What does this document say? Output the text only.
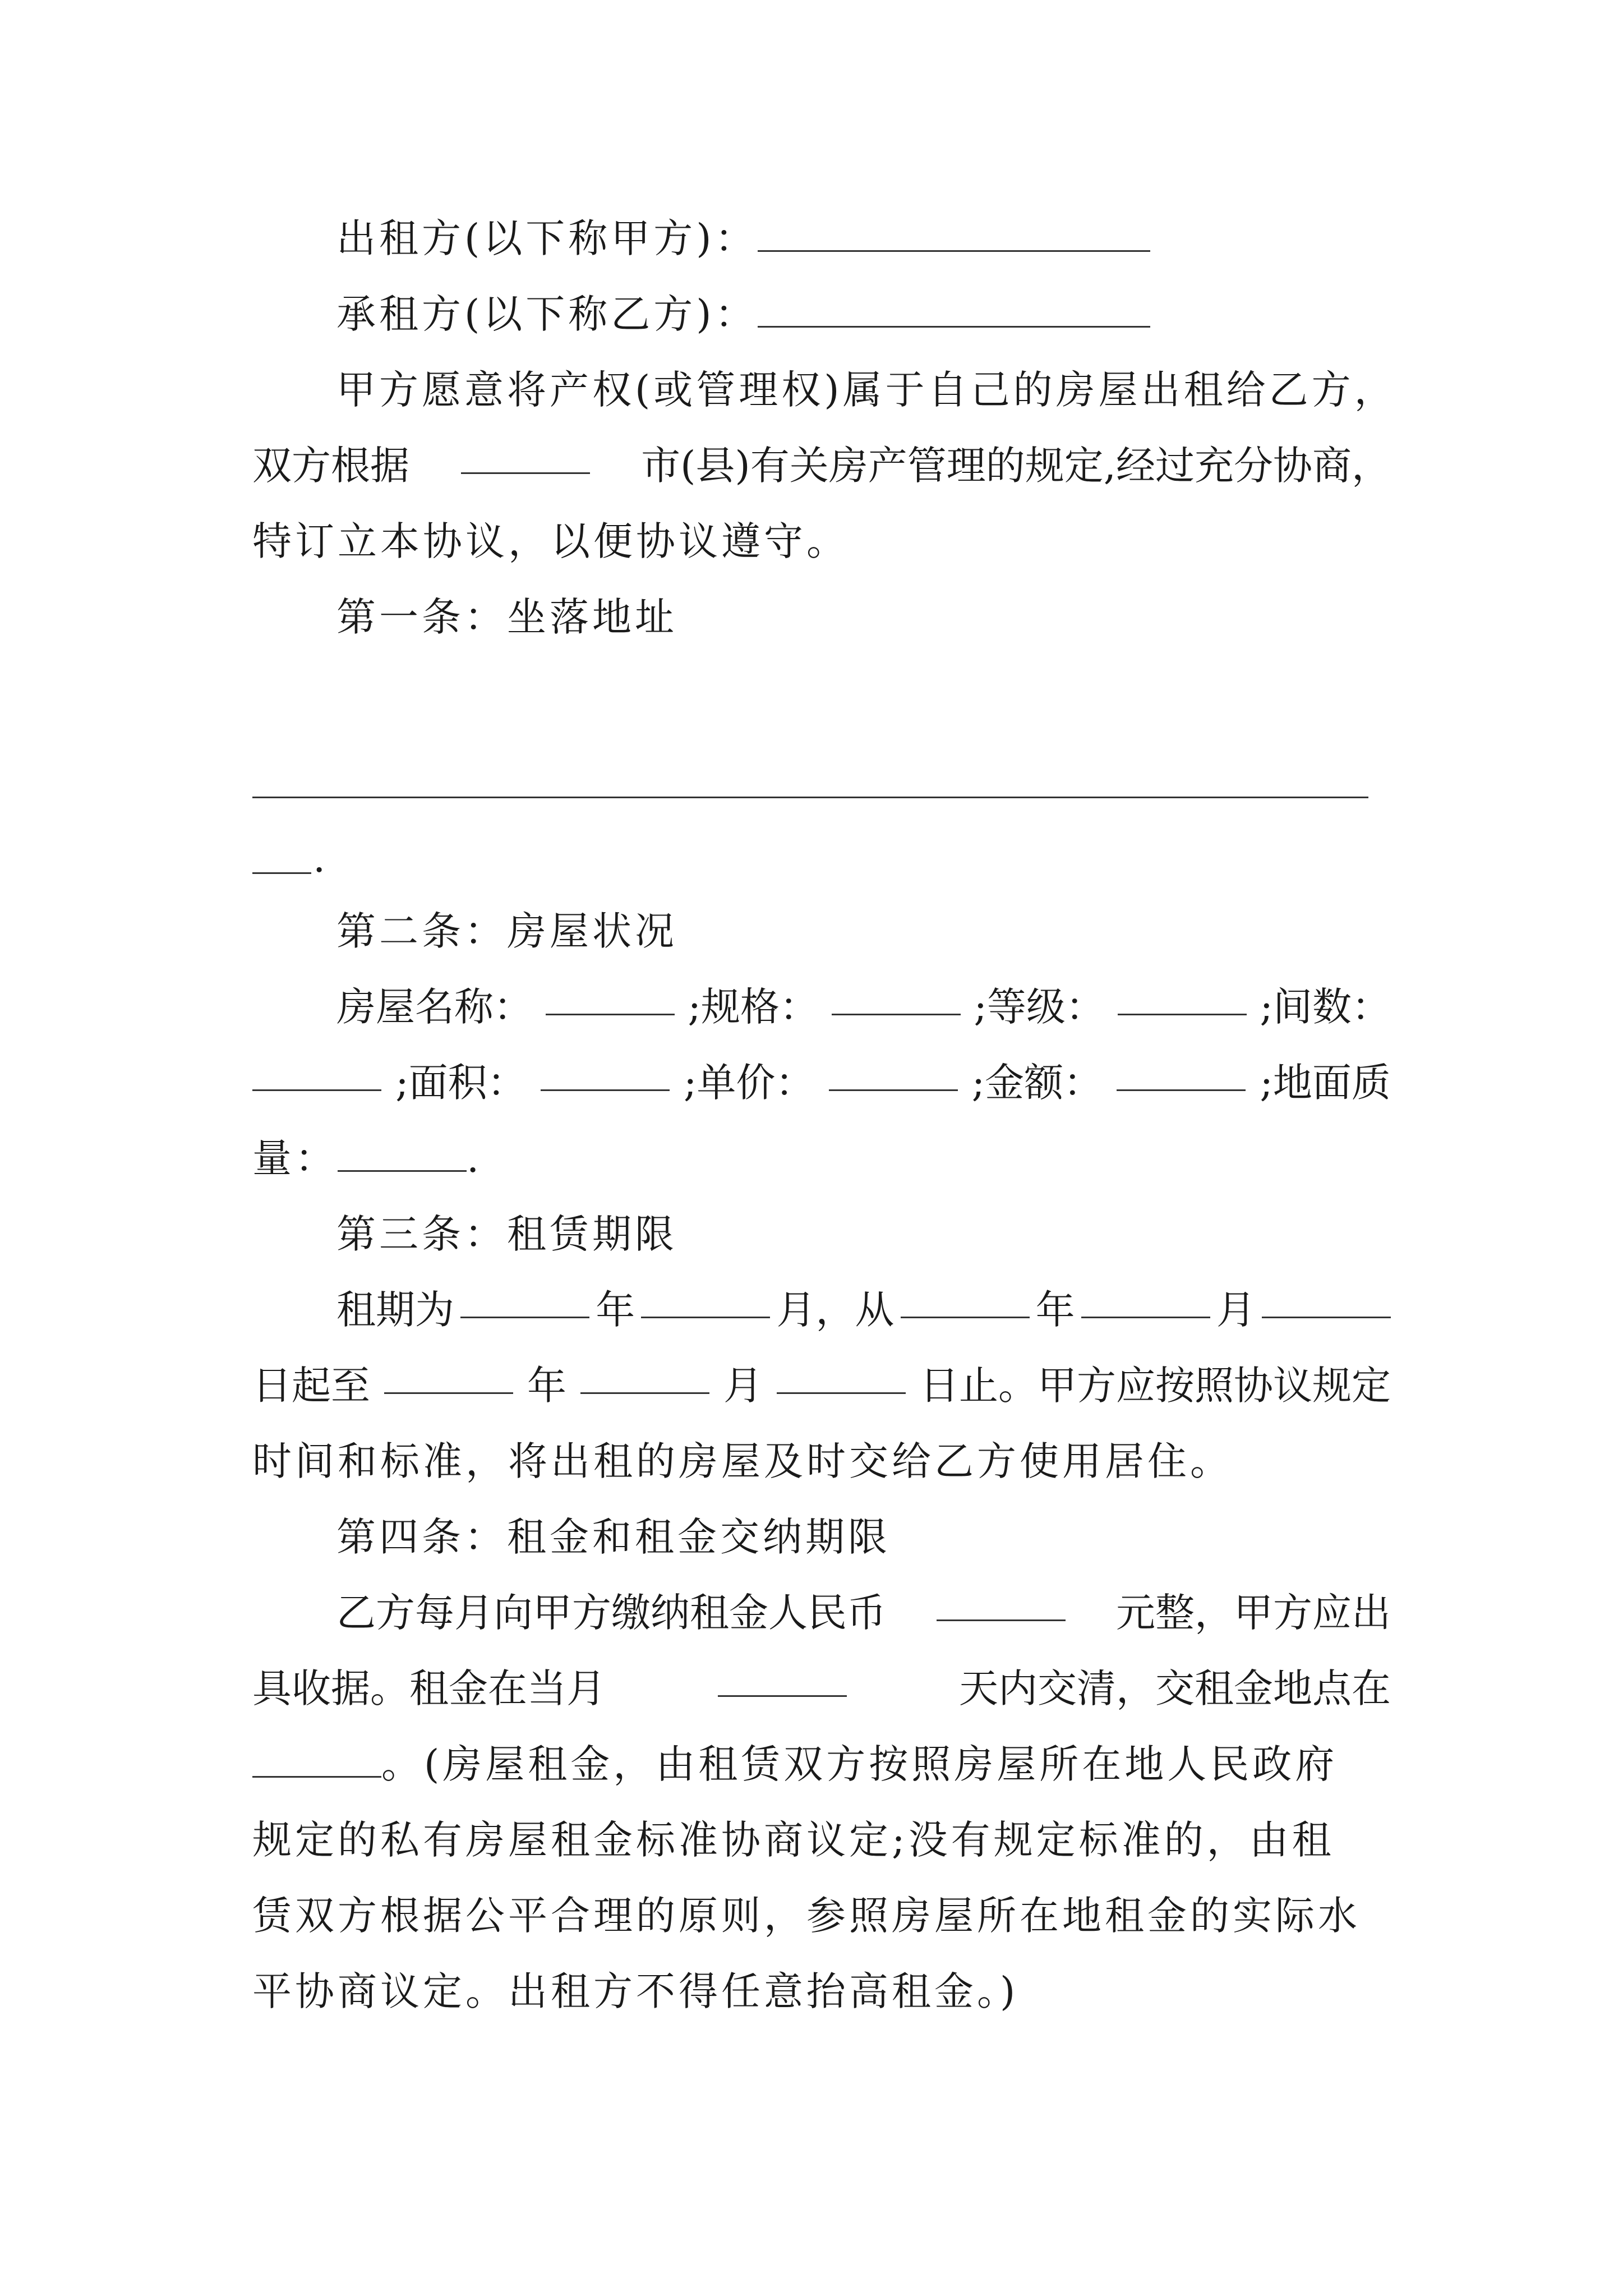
出租方(以下称甲方)：
承租方(以下称乙方)：
甲方愿意将产权(或管理权)属于自己的房屋出租给乙方，
双方根据	市(县)有关房产管理的规定,经过充分协商，
特订立本协议，以便协议遵守。
第一条：坐落地址
.
第二条：房屋状况
房屋名称：	;规格：	;等级：	;间数：
;面积：	;单价：	;金额：	;地面质
量：	.
第三条：租赁期限
租期为	年	月，从	年	月
日起至	年	月	日止。甲方应按照协议规定
时间和标准，将出租的房屋及时交给乙方使用居住。
第四条：租金和租金交纳期限
乙方每月向甲方缴纳租金人民币	元整，甲方应出
具收据。租金在当月	天内交清，交租金地点在
。(房屋租金，由租赁双方按照房屋所在地人民政府
规定的私有房屋租金标准协商议定;没有规定标准的，由租
赁双方根据公平合理的原则，参照房屋所在地租金的实际水
平协商议定。出租方不得任意抬高租金。)
